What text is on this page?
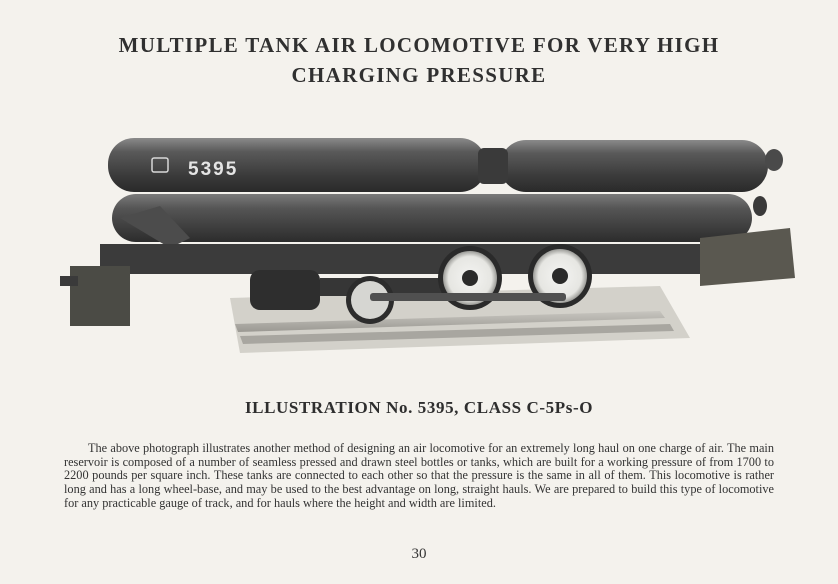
MULTIPLE TANK AIR LOCOMOTIVE FOR VERY HIGH
CHARGING PRESSURE
5395
ILLUSTRATION No. 5395, CLASS C-5Ps-O

The above photograph illustrates another method of designing an air locomotive for an extremely long haul on one charge of air. The main reservoir is composed of a number of seamless pressed and drawn steel bottles or tanks, which are built for a working pressure of from 1700 to 2200 pounds per square inch. These tanks are connected to each other so that the pressure is the same in all of them. This locomotive is rather long and has a long wheel-base, and may be used to the best advantage on long, straight hauls. We are prepared to build this type of locomotive for any practicable gauge of track, and for hauls where the height and width are limited.

30
